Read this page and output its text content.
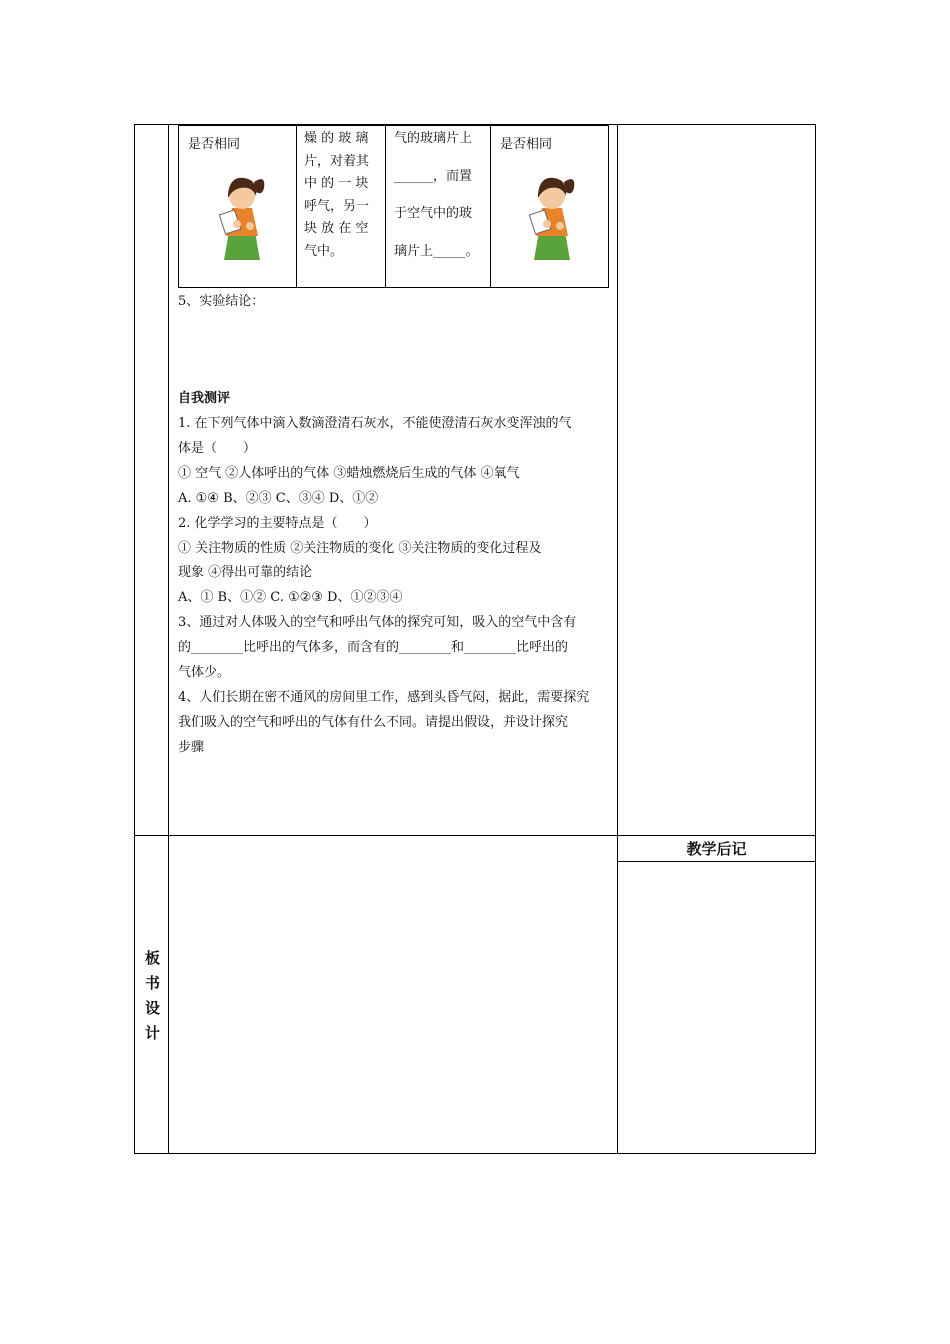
是否相同	燥 的 玻 璃
片，对着其
中 的 一 块
呼气，另一
块 放 在 空
气中。
气的玻璃片上
______，而置
于空气中的玻
璃片上_____。
是否相同
5、实验结论：
自我测评
1. 在下列气体中滴入数滴澄清石灰水，不能使澄清石灰水变浑浊的气
体是（　　）
① 空气 ②人体呼出的气体 ③蜡烛燃烧后生成的气体 ④氧气
A. ①④ B、②③ C、③④ D、①②
2. 化学学习的主要特点是（　　）
① 关注物质的性质 ②关注物质的变化 ③关注物质的变化过程及
现象 ④得出可靠的结论
A、① B、①② C. ①②③ D、①②③④
3、通过对人体吸入的空气和呼出气体的探究可知，吸入的空气中含有
的________比呼出的气体多，而含有的________和________比呼出的
气体少。
4、人们长期在密不通风的房间里工作，感到头昏气闷，据此，需要探究
我们吸入的空气和呼出的气体有什么不同。请提出假设，并设计探究
步骤
板
书
设
计
教学后记
